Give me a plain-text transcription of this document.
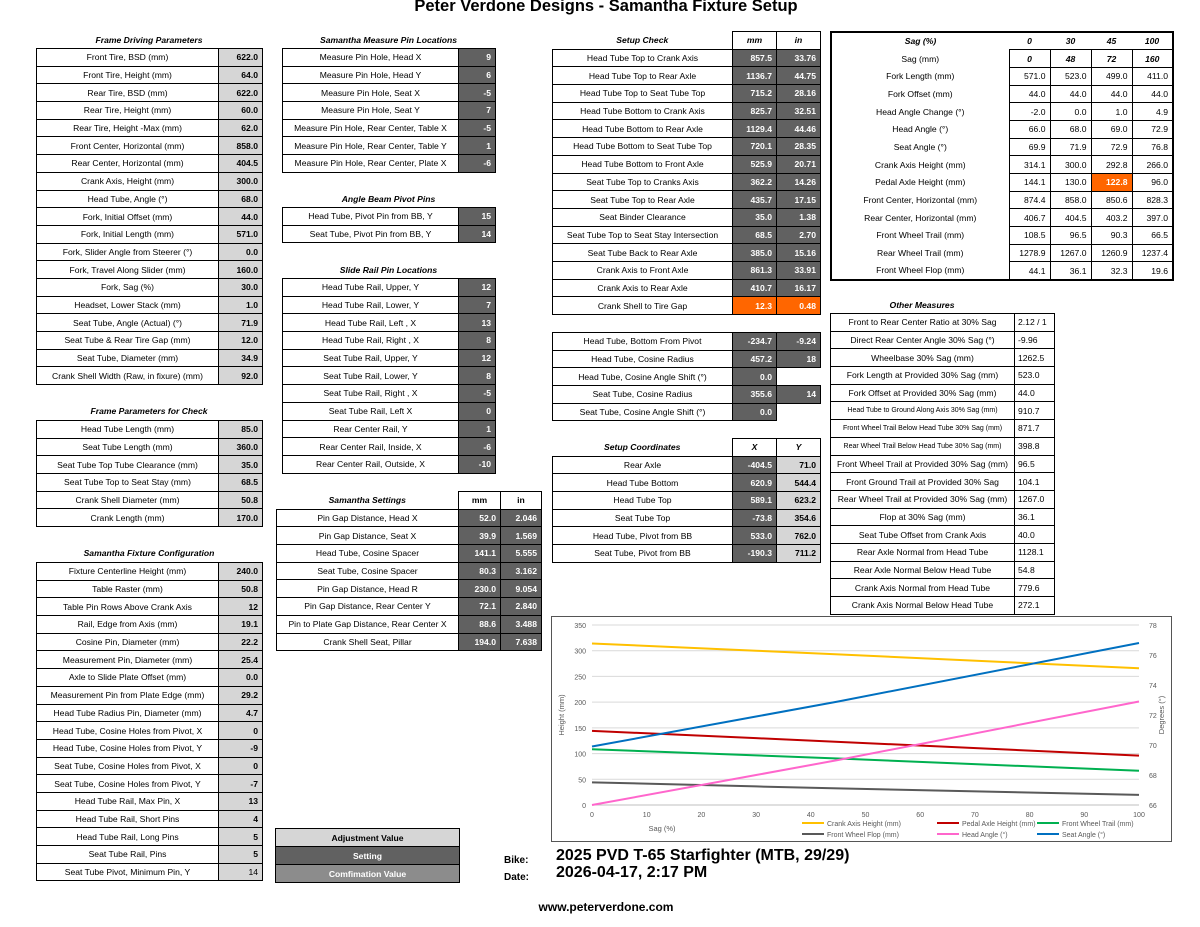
Peter Verdone Designs - Samantha Fixture Setup
Frame Driving Parameters
Front Tire, BSD (mm)	622.0
Front Tire, Height (mm)	64.0
Rear Tire, BSD (mm)	622.0
Rear Tire, Height (mm)	60.0
Rear Tire, Height -Max (mm)	62.0
Front Center, Horizontal (mm)	858.0
Rear Center, Horizontal (mm)	404.5
Crank Axis, Height (mm)	300.0
Head Tube, Angle (°)	68.0
Fork, Initial Offset (mm)	44.0
Fork, Initial Length (mm)	571.0
Fork, Slider Angle from Steerer (°)	0.0
Fork, Travel Along Slider (mm)	160.0
Fork, Sag (%)	30.0
Headset, Lower Stack (mm)	1.0
Seat Tube, Angle (Actual) (°)	71.9
Seat Tube & Rear Tire Gap (mm)	12.0
Seat Tube, Diameter (mm)	34.9
Crank Shell Width (Raw, in fixure) (mm)	92.0
Frame Parameters for Check
Head Tube Length (mm)	85.0
Seat Tube Length (mm)	360.0
Seat Tube Top Tube Clearance (mm)	35.0
Seat Tube Top to Seat Stay (mm)	68.5
Crank Shell Diameter (mm)	50.8
Crank Length (mm)	170.0
Samantha Fixture Configuration
Fixture Centerline Height (mm)	240.0
Table Raster (mm)	50.8
Table Pin Rows Above Crank Axis	12
Rail, Edge from Axis (mm)	19.1
Cosine Pin, Diameter (mm)	22.2
Measurement Pin, Diameter (mm)	25.4
Axle to Slide Plate Offset (mm)	0.0
Measurement Pin from Plate Edge (mm)	29.2
Head Tube Radius Pin, Diameter (mm)	4.7
Head Tube, Cosine Holes from Pivot, X	0
Head Tube, Cosine Holes from Pivot, Y	-9
Seat Tube, Cosine Holes from Pivot, X	0
Seat Tube, Cosine Holes from Pivot, Y	-7
Head Tube Rail, Max Pin, X	13
Head Tube Rail, Short Pins	4
Head Tube Rail, Long Pins	5
Seat Tube Rail, Pins	5
Seat Tube Pivot, Minimum Pin, Y	14
Samantha Measure Pin Locations
Measure Pin Hole, Head X	9
Measure Pin Hole, Head Y	6
Measure Pin Hole, Seat X	-5
Measure Pin Hole, Seat Y	7
Measure Pin Hole, Rear Center, Table X	-5
Measure Pin Hole, Rear Center, Table Y	1
Measure Pin Hole, Rear Center, Plate X	-6
Angle Beam Pivot Pins
Head Tube, Pivot Pin from BB, Y	15
Seat Tube, Pivot Pin from BB, Y	14
Slide Rail Pin Locations
Head Tube Rail, Upper, Y	12
Head Tube Rail, Lower, Y	7
Head Tube Rail, Left , X	13
Head Tube Rail, Right , X	8
Seat Tube Rail, Upper, Y	12
Seat Tube Rail, Lower, Y	8
Seat Tube Rail, Right , X	-5
Seat Tube Rail, Left X	0
Rear Center Rail, Y	1
Rear Center Rail, Inside, X	-6
Rear Center Rail, Outside, X	-10
Samantha Settings	mm	in
Pin Gap Distance, Head X	52.0	2.046
Pin Gap Distance, Seat X	39.9	1.569
Head Tube, Cosine Spacer	141.1	5.555
Seat Tube, Cosine Spacer	80.3	3.162
Pin Gap Distance, Head R	230.0	9.054
Pin Gap Distance, Rear Center Y	72.1	2.840
Pin to Plate Gap Distance, Rear Center X	88.6	3.488
Crank Shell Seat, Pillar	194.0	7.638
Adjustment Value
Setting
Comfimation Value
Setup Check	mm	in
Head Tube Top to Crank Axis	857.5	33.76
Head Tube Top to Rear Axle	1136.7	44.75
Head Tube Top to Seat Tube Top	715.2	28.16
Head Tube Bottom to Crank Axis	825.7	32.51
Head Tube Bottom to Rear Axle	1129.4	44.46
Head Tube Bottom to Seat Tube Top	720.1	28.35
Head Tube Bottom to Front Axle	525.9	20.71
Seat Tube Top to Cranks Axis	362.2	14.26
Seat Tube Top to Rear Axle	435.7	17.15
Seat Binder Clearance	35.0	1.38
Seat Tube Top to Seat Stay Intersection	68.5	2.70
Seat Tube Back to Rear Axle	385.0	15.16
Crank Axis to Front Axle	861.3	33.91
Crank Axis to Rear Axle	410.7	16.17
Crank Shell to Tire Gap	12.3	0.48
Head Tube, Bottom From Pivot	-234.7	-9.24
Head Tube, Cosine Radius	457.2	18
Head Tube, Cosine Angle Shift (°)	0.0	
Seat Tube, Cosine Radius	355.6	14
Seat Tube, Cosine Angle Shift (°)	0.0	
Setup Coordinates	X	Y
Rear Axle	-404.5	71.0
Head Tube Bottom	620.9	544.4
Head Tube Top	589.1	623.2
Seat Tube Top	-73.8	354.6
Head Tube, Pivot from BB	533.0	762.0
Seat Tube, Pivot from BB	-190.3	711.2
Sag (%)	0	30	45	100
Sag (mm)	0	48	72	160
Fork Length (mm)	571.0	523.0	499.0	411.0
Fork Offset (mm)	44.0	44.0	44.0	44.0
Head Angle Change (°)	-2.0	0.0	1.0	4.9
Head Angle (°)	66.0	68.0	69.0	72.9
Seat Angle (°)	69.9	71.9	72.9	76.8
Crank Axis Height (mm)	314.1	300.0	292.8	266.0
Pedal Axle Height (mm)	144.1	130.0	122.8	96.0
Front Center, Horizontal (mm)	874.4	858.0	850.6	828.3
Rear Center, Horizontal (mm)	406.7	404.5	403.2	397.0
Front Wheel Trail (mm)	108.5	96.5	90.3	66.5
Rear Wheel Trail (mm)	1278.9	1267.0	1260.9	1237.4
Front Wheel Flop (mm)	44.1	36.1	32.3	19.6
Other Measures
Front to Rear Center Ratio at 30% Sag	2.12 / 1
Direct Rear Center Angle 30% Sag (°)	-9.96
Wheelbase 30% Sag (mm)	1262.5
Fork Length at Provided 30% Sag (mm)	523.0
Fork Offset at Provided 30% Sag (mm)	44.0
Head Tube to Ground Along Axis 30% Sag (mm)	910.7
Front Wheel Trail Below Head Tube 30% Sag (mm)	871.7
Rear Wheel Trail Below Head Tube 30% Sag (mm)	398.8
Front Wheel Trail at Provided 30% Sag (mm)	96.5
Front Ground Trail at Provided 30% Sag	104.1
Rear Wheel Trail at Provided 30% Sag (mm)	1267.0
Flop at 30% Sag (mm)	36.1
Seat Tube Offset from Crank Axis	40.0
Rear Axle Normal from Head Tube	1128.1
Rear Axle Normal Below Head Tube	54.8
Crank Axis Normal from Head Tube	779.6
Crank Axis Normal Below Head Tube	272.1
0
50
100
150
200
250
300
350
66
68
70
72
74
76
78
0	10	20	30	40	50	60	70	80	90	100
Sag (%)
Height (mm)	Degrees (°)
Crank Axis Height (mm)	Pedal Axle Height (mm)	Front Wheel Trail (mm)
Front Wheel Flop (mm)	Head Angle (°)	Seat Angle (°)
Bike: 2025 PVD T-65 Starfighter (MTB, 29/29)
Date: 2026-04-17, 2:17 PM
www.peterverdone.com
